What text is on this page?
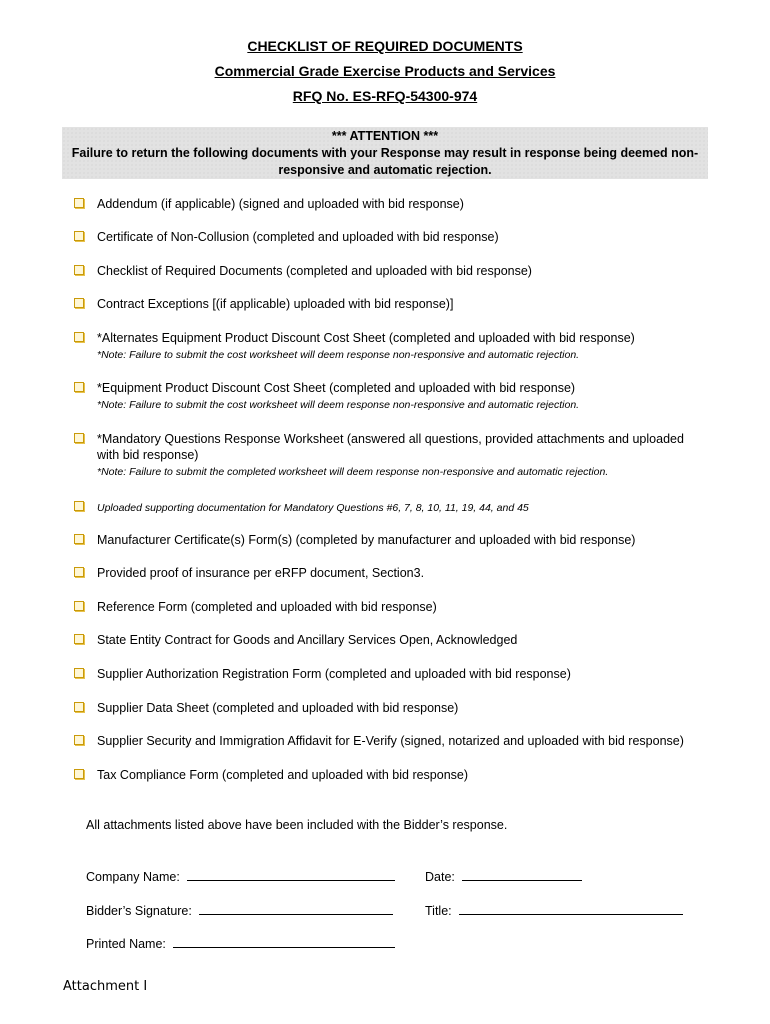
CHECKLIST OF REQUIRED DOCUMENTS
Commercial Grade Exercise Products and Services
RFQ No. ES-RFQ-54300-974
*** ATTENTION ***
Failure to return the following documents with your Response may result in response being deemed non-responsive and automatic rejection.
Addendum (if applicable) (signed and uploaded with bid response)
Certificate of Non-Collusion (completed and uploaded with bid response)
Checklist of Required Documents (completed and uploaded with bid response)
Contract Exceptions [(if applicable) uploaded with bid response)]
*Alternates Equipment Product Discount Cost Sheet (completed and uploaded with bid response)
*Note: Failure to submit the cost worksheet will deem response non-responsive and automatic rejection.
*Equipment Product Discount Cost Sheet (completed and uploaded with bid response)
*Note: Failure to submit the cost worksheet will deem response non-responsive and automatic rejection.
*Mandatory Questions Response Worksheet (answered all questions, provided attachments and uploaded with bid response)
*Note: Failure to submit the completed worksheet will deem response non-responsive and automatic rejection.
Uploaded supporting documentation for Mandatory Questions #6, 7, 8, 10, 11, 19, 44, and 45
Manufacturer Certificate(s) Form(s) (completed by manufacturer and uploaded with bid response)
Provided proof of insurance per eRFP document, Section3.
Reference Form (completed and uploaded with bid response)
State Entity Contract for Goods and Ancillary Services Open, Acknowledged
Supplier Authorization Registration Form (completed and uploaded with bid response)
Supplier Data Sheet (completed and uploaded with bid response)
Supplier Security and Immigration Affidavit for E-Verify (signed, notarized and uploaded with bid response)
Tax Compliance Form (completed and uploaded with bid response)
All attachments listed above have been included with the Bidder’s response.
Company Name:	Date:
Bidder’s Signature:	Title:
Printed Name:
Attachment I
